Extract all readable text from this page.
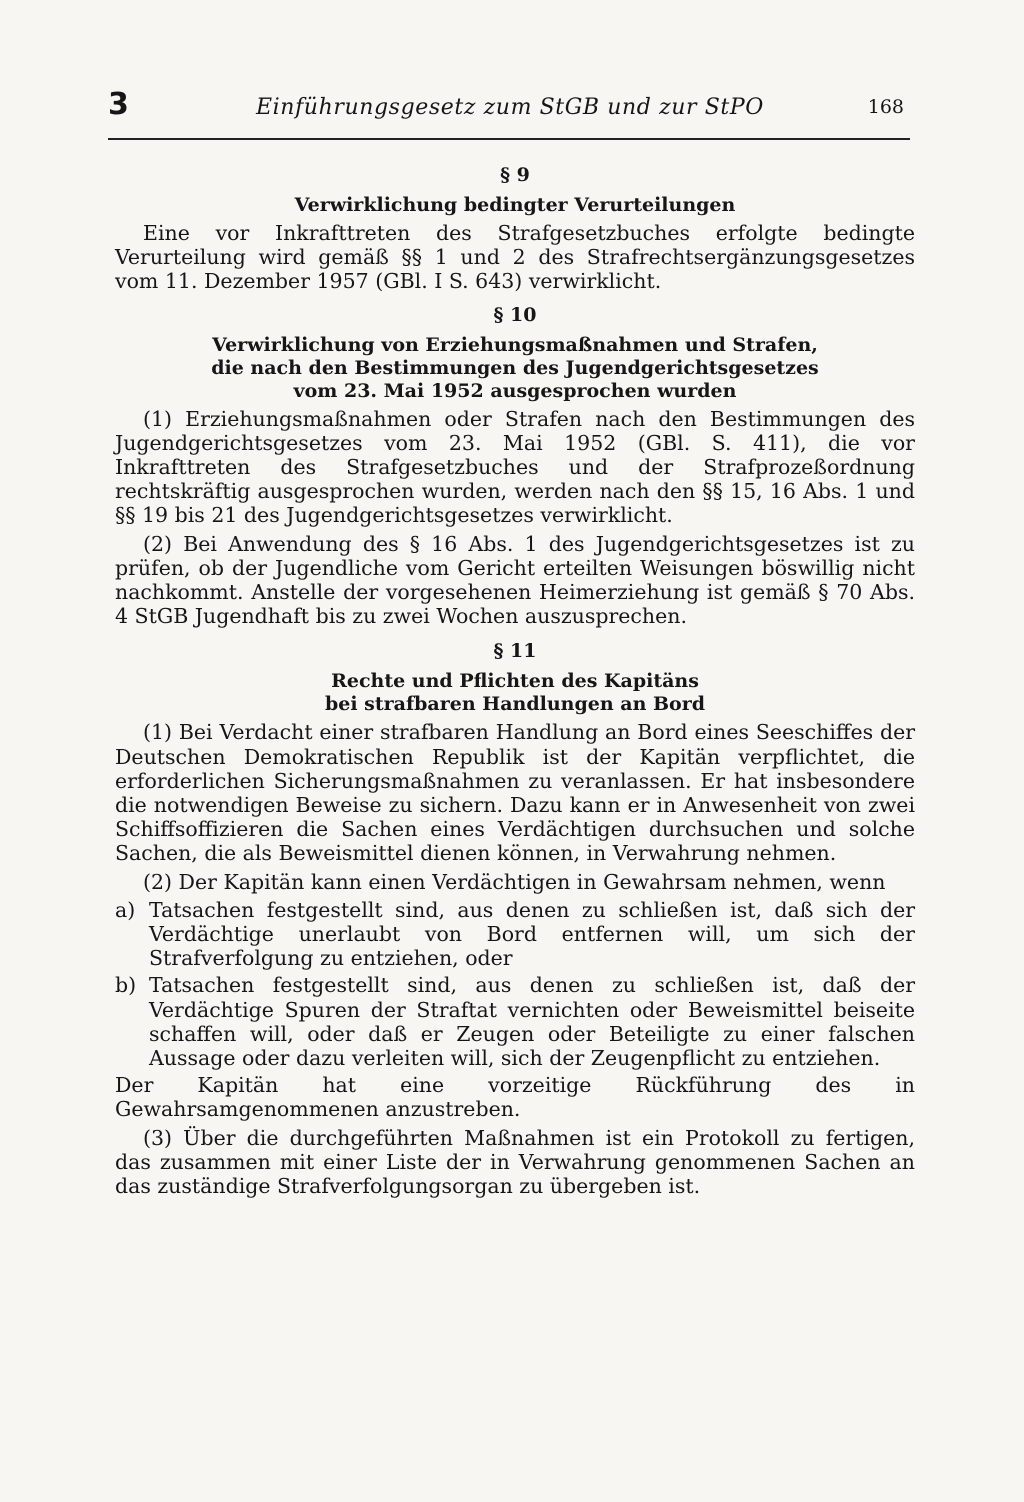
3	Einführungsgesetz zum StGB und zur StPO	168
§ 9
Verwirklichung bedingter Verurteilungen

Eine vor Inkrafttreten des Strafgesetzbuches erfolgte bedingte Verurteilung wird gemäß §§ 1 und 2 des Strafrechtsergänzungsgesetzes vom 11. Dezember 1957 (GBl. I S. 643) verwirklicht.

§ 10
Verwirklichung von Erziehungsmaßnahmen und Strafen,
die nach den Bestimmungen des Jugendgerichtsgesetzes
vom 23. Mai 1952 ausgesprochen wurden

(1) Erziehungsmaßnahmen oder Strafen nach den Bestimmungen des Jugendgerichtsgesetzes vom 23. Mai 1952 (GBl. S. 411), die vor Inkrafttreten des Strafgesetzbuches und der Strafprozeßordnung rechtskräftig ausgesprochen wurden, werden nach den §§ 15, 16 Abs. 1 und §§ 19 bis 21 des Jugendgerichtsgesetzes verwirklicht.

(2) Bei Anwendung des § 16 Abs. 1 des Jugendgerichtsgesetzes ist zu prüfen, ob der Jugendliche vom Gericht erteilten Weisungen böswillig nicht nachkommt. Anstelle der vorgesehenen Heimerziehung ist gemäß § 70 Abs. 4 StGB Jugendhaft bis zu zwei Wochen auszusprechen.

§ 11
Rechte und Pflichten des Kapitäns
bei strafbaren Handlungen an Bord

(1) Bei Verdacht einer strafbaren Handlung an Bord eines Seeschiffes der Deutschen Demokratischen Republik ist der Kapitän verpflichtet, die erforderlichen Sicherungsmaßnahmen zu veranlassen. Er hat insbesondere die notwendigen Beweise zu sichern. Dazu kann er in Anwesenheit von zwei Schiffsoffizieren die Sachen eines Verdächtigen durchsuchen und solche Sachen, die als Beweismittel dienen können, in Verwahrung nehmen.

(2) Der Kapitän kann einen Verdächtigen in Gewahrsam nehmen, wenn

a) Tatsachen festgestellt sind, aus denen zu schließen ist, daß sich der Verdächtige unerlaubt von Bord entfernen will, um sich der Strafverfolgung zu entziehen, oder
b) Tatsachen festgestellt sind, aus denen zu schließen ist, daß der Verdächtige Spuren der Straftat vernichten oder Beweismittel beiseite schaffen will, oder daß er Zeugen oder Beteiligte zu einer falschen Aussage oder dazu verleiten will, sich der Zeugenpflicht zu entziehen.

Der Kapitän hat eine vorzeitige Rückführung des in Gewahrsamgenommenen anzustreben.

(3) Über die durchgeführten Maßnahmen ist ein Protokoll zu fertigen, das zusammen mit einer Liste der in Verwahrung genommenen Sachen an das zuständige Strafverfolgungsorgan zu übergeben ist.
